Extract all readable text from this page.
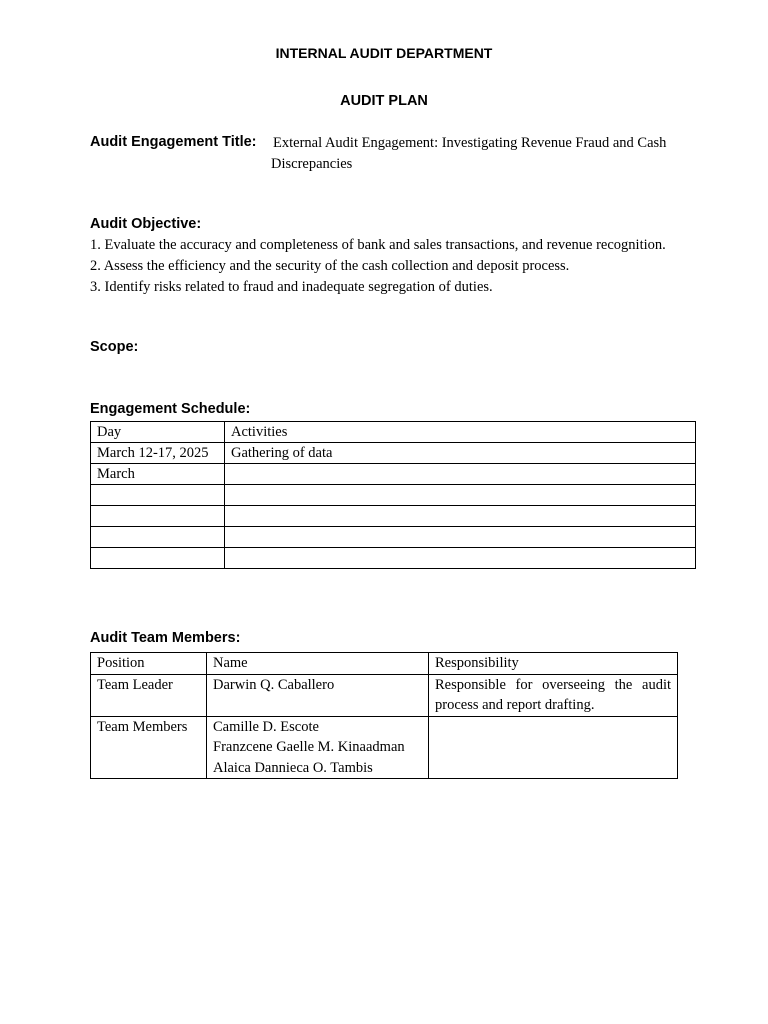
INTERNAL AUDIT DEPARTMENT
AUDIT PLAN
Audit Engagement Title: External Audit Engagement: Investigating Revenue Fraud and Cash Discrepancies
Audit Objective:

1. Evaluate the accuracy and completeness of bank and sales transactions, and revenue recognition.

2. Assess the efficiency and the security of the cash collection and deposit process.

3. Identify risks related to fraud and inadequate segregation of duties.

Scope:
Engagement Schedule:
Day	Activities
March 12-17, 2025	Gathering of data
March	

Audit Team Members:
Position	Name	Responsibility
Team Leader	Darwin Q. Caballero	Responsible for overseeing the audit process and report drafting.
Team Members	Camille D. Escote
Franzcene Gaelle M. Kinaadman
Alaica Dannieca O. Tambis	
